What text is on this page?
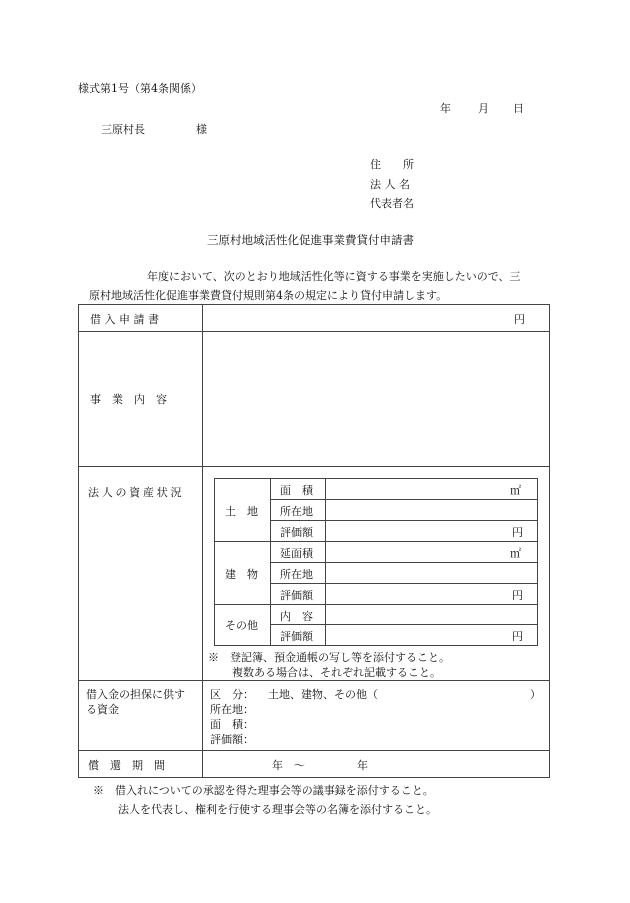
様式第1号（第4条関係）
年 月 日
三原村長	様
住　　所
法 人 名
代表者名
三原村地域活性化促進事業費貸付申請書
年度において、次のとおり地域活性化等に資する事業を実施したいので、三
原村地域活性化促進事業費貸付規則第4条の規定により貸付申請します。
借 入 申 請 書	円
事　業　内　容
法人の資産状況
土　地
面　積	㎡
所在地
評価額	円
建　物
延面積	㎡
所在地
評価額	円
その他
内　容
評価額	円
※　登記簿、預金通帳の写し等を添付すること。
複数ある場合は、それぞれ記載すること。
借入金の担保に供す
る資金
区　分： 土地、建物、その他（	）
所在地：
面　積：
評価額：
償　還　期　間	年　～	年
※　借入れについての承認を得た理事会等の議事録を添付すること。
法人を代表し、権利を行使する理事会等の名簿を添付すること。
